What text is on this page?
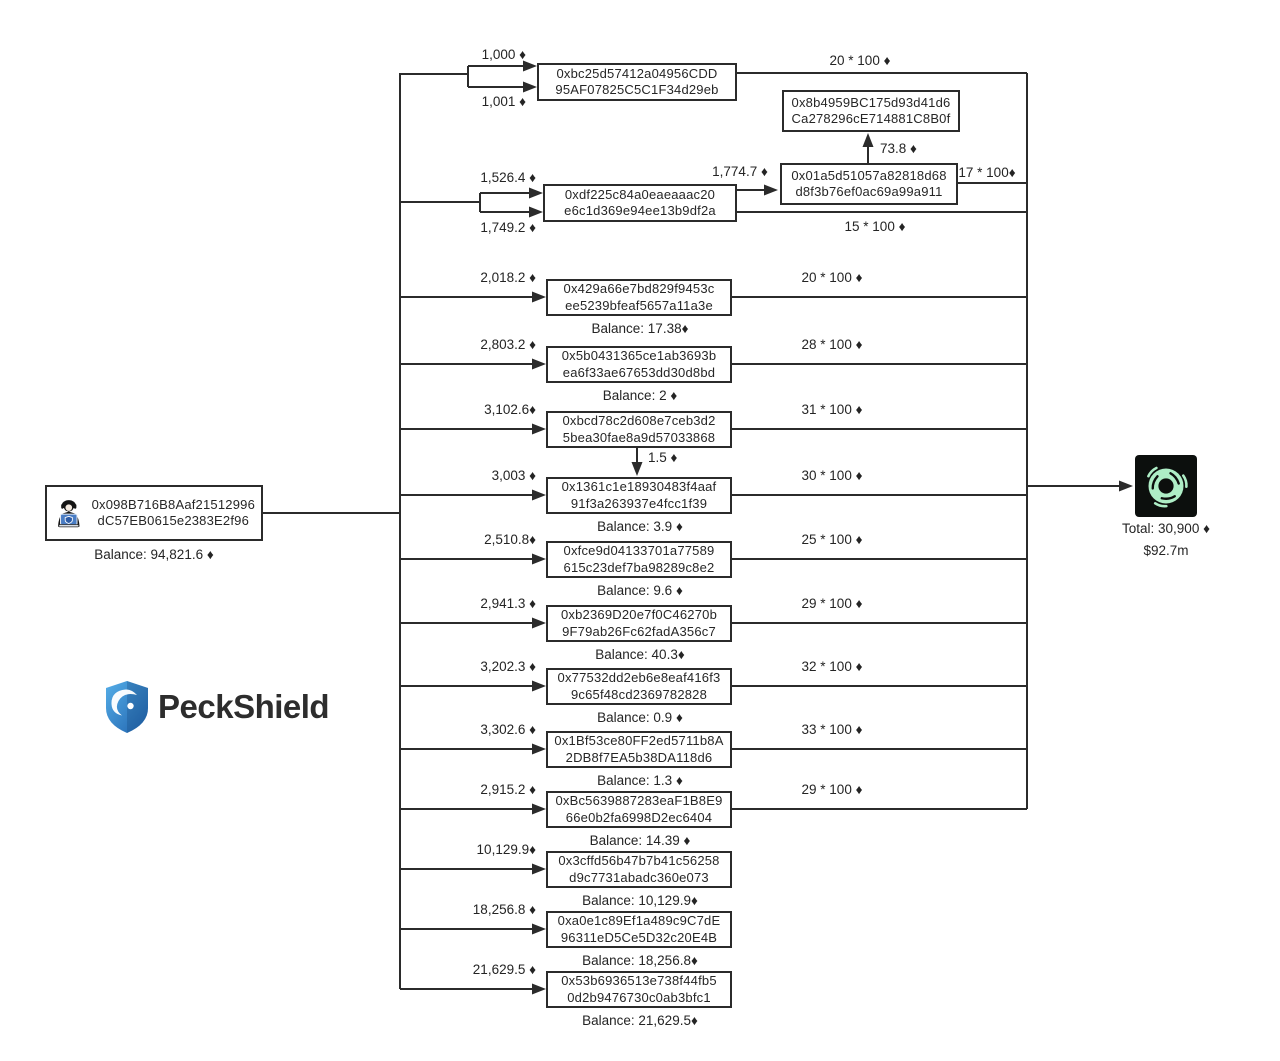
0x098B716B8Aaf21512996
dC57EB0615e2383E2f96
Balance: 94,821.6 ♦
0xbc25d57412a04956CDD
95AF07825C5C1F34d29eb
0xdf225c84a0eaeaaac20
e6c1d369e94ee13b9df2a
0x8b4959BC175d93d41d6
Ca278296cE714881C8B0f
0x01a5d51057a82818d68
d8f3b76ef0ac69a99a911
1,000 ♦
1,001 ♦
20 * 100 ♦
1,526.4 ♦
1,749.2 ♦
1,774.7 ♦
15 * 100 ♦
73.8 ♦
17 * 100♦
1.5 ♦
2,018.2 ♦
0x429a66e7bd829f9453c
ee5239bfeaf5657a11a3e
20 * 100 ♦
Balance: 17.38♦
2,803.2 ♦
0x5b0431365ce1ab3693b
ea6f33ae67653dd30d8bd
28 * 100 ♦
Balance: 2 ♦
3,102.6♦
0xbcd78c2d608e7ceb3d2
5bea30fae8a9d57033868
31 * 100 ♦
3,003 ♦
0x1361c1e18930483f4aaf
91f3a263937e4fcc1f39
30 * 100 ♦
Balance: 3.9 ♦
2,510.8♦
0xfce9d04133701a77589
615c23def7ba98289c8e2
25 * 100 ♦
Balance: 9.6 ♦
2,941.3 ♦
0xb2369D20e7f0C46270b
9F79ab26Fc62fadA356c7
29 * 100 ♦
Balance: 40.3♦
3,202.3 ♦
0x77532dd2eb6e8eaf416f3
9c65f48cd2369782828
32 * 100 ♦
Balance: 0.9 ♦
3,302.6 ♦
0x1Bf53ce80FF2ed5711b8A
2DB8f7EA5b38DA118d6
33 * 100 ♦
Balance: 1.3 ♦
2,915.2 ♦
0xBc5639887283eaF1B8E9
66e0b2fa6998D2ec6404
29 * 100 ♦
Balance: 14.39 ♦
10,129.9♦
0x3cffd56b47b7b41c56258
d9c7731abadc360e073
Balance: 10,129.9♦
18,256.8 ♦
0xa0e1c89Ef1a489c9C7dE
96311eD5Ce5D32c20E4B
Balance: 18,256.8♦
21,629.5 ♦
0x53b6936513e738f44fb5
0d2b9476730c0ab3bfc1
Balance: 21,629.5♦
Total: 30,900 ♦
$92.7m
PeckShield
